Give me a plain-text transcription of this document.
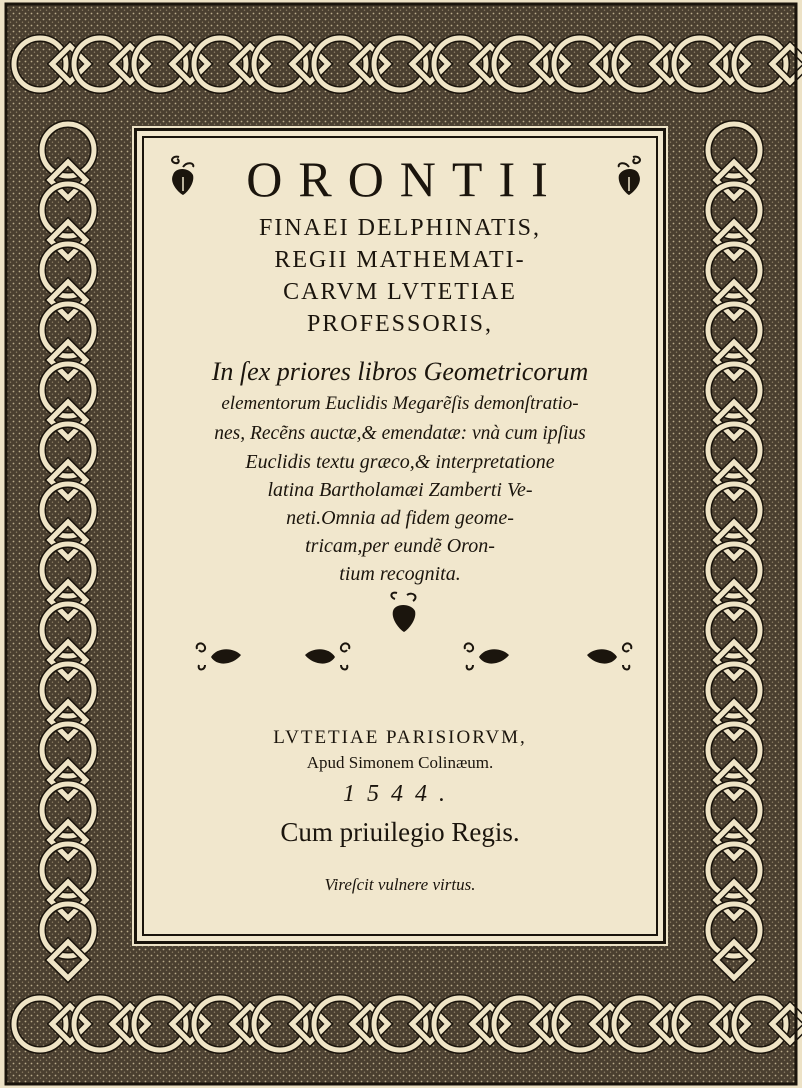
ORONTII
FINAEI DELPHINATIS,
REGII MATHEMATI-
CARVM LVTETIAE
PROFESSORIS,
In ſex priores libros Geometricorum
elementorum Euclidis Megarẽſis demonſtratio-
nes, Recẽns auctæ,& emendatæ: vnà cum ipſius
Euclidis textu græco,& interpretatione
latina Bartholamæi Zamberti Ve-
neti.Omnia ad fidem geome-
tricam,per eundẽ Oron-
tium recognita.
LVTETIAE PARISIORVM,
Apud Simonem Colinæum.
1544.
Cum priuilegio Regis.
Vireſcit vulnere virtus.
